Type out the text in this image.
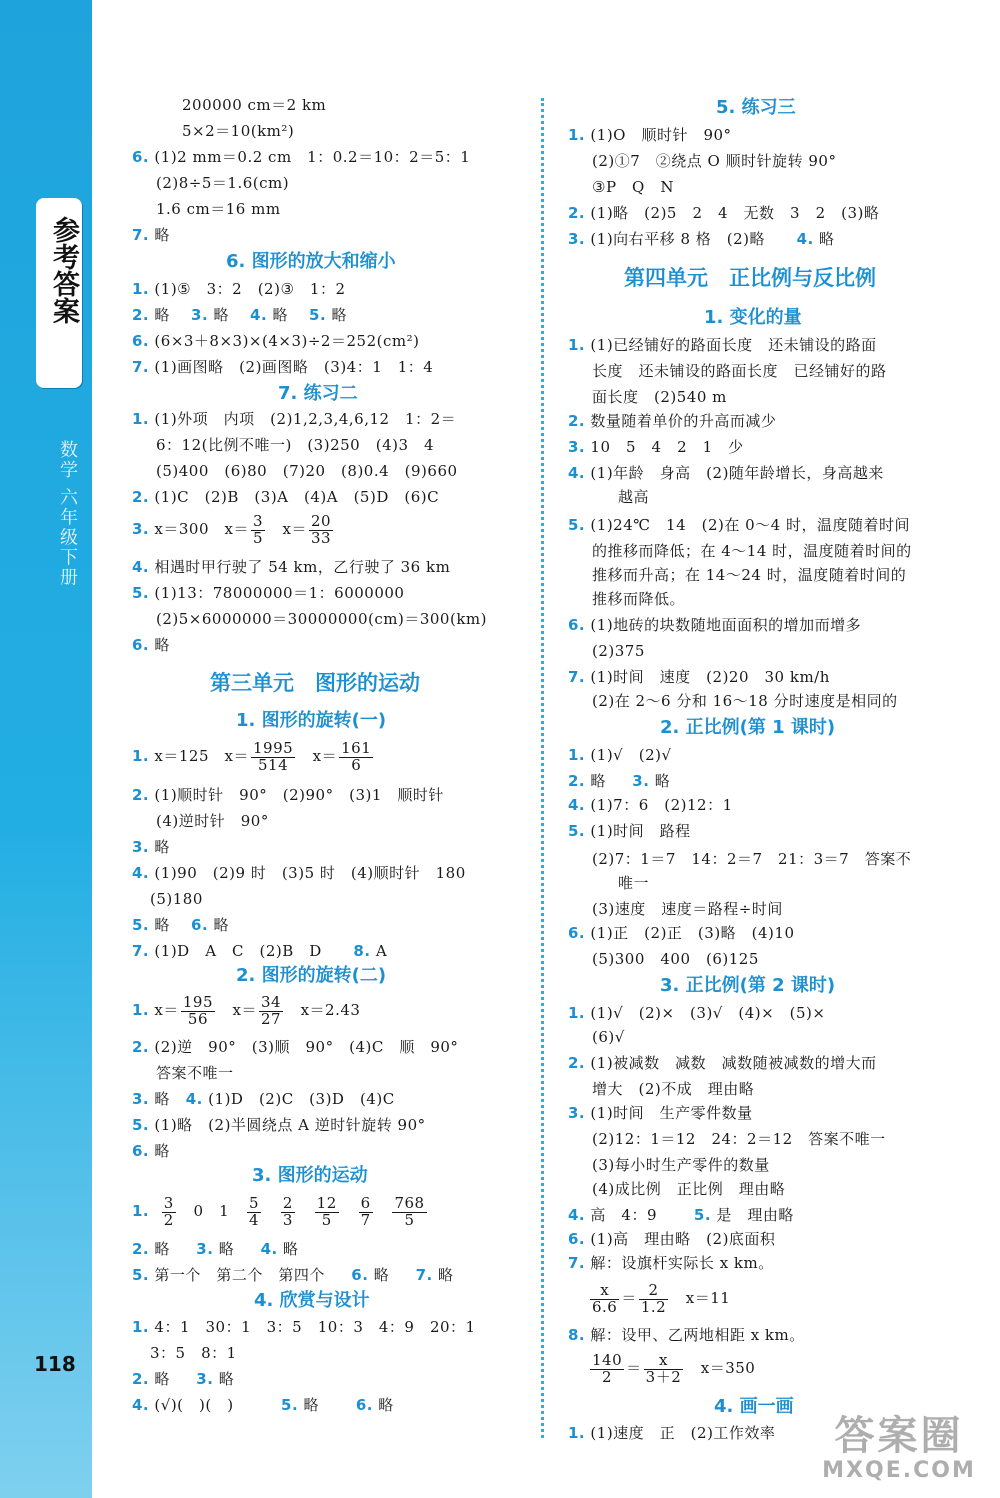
参考答案
数学 六年级下册
118
200000 cm＝2 km
5×2＝10(km²)
6. (1)2 mm＝0.2 cm　1：0.2＝10：2＝5：1
(2)8÷5＝1.6(cm)
1.6 cm＝16 mm
7. 略
6. 图形的放大和缩小
1. (1)⑤　3：2　(2)③　1：2
2. 略 3. 略 4. 略 5. 略
6. (6×3＋8×3)×(4×3)÷2＝252(cm²)
7. (1)画图略　(2)画图略　(3)4：1　1：4
7. 练习二
1. (1)外项　内项　(2)1,2,3,4,6,12　1：2＝
6：12(比例不唯一)　(3)250　(4)3　4
(5)400　(6)80　(7)20　(8)0.4　(9)660
2. (1)C　(2)B　(3)A　(4)A　(5)D　(6)C
3. x＝300　$x= \frac{3}{5}$ 　$x= \frac{20}{33}$
4. 相遇时甲行驶了 54 km，乙行驶了 36 km
5. (1)13：78000000＝1：6000000
(2)5×6000000＝30000000(cm)＝300(km)
6. 略
第三单元　图形的运动
1. 图形的旋转(一)
1. x＝125　$x= \frac{1995}{514}$ 　$x= \frac{161}{6}$
2. (1)顺时针　90°　(2)90°　(3)1　顺时针
(4)逆时针　90°
3. 略
4. (1)90　(2)9 时　(3)5 时　(4)顺时针　180
(5)180
5. 略 6. 略
7. (1)D　A　C　(2)B　D 8. A
2. 图形的旋转(二)
1. $x= \frac{195}{56}$ 　$x= \frac{34}{27}$ 　x＝2.43
2. (2)逆　90°　(3)顺　90°　(4)C　顺　90°
答案不唯一
3. 略 4. (1)D　(2)C　(3)D　(4)C
5. (1)略　(2)半圆绕点 A 逆时针旋转 90°
6. 略
3. 图形的运动
1. $\frac{3}{2} 0$　$1 \frac{5}{4}$
$\frac{2}{3}$
$\frac{12}{5}$
$\frac{6}{7}$
$\frac{768}{5}$
2. 略 3. 略 4. 略
5. 第一个　第二个　第四个 6. 略 7. 略
4. 欣赏与设计
1. 4：1　30：1　3：5　10：3　4：9　20：1
3：5　8：1
2. 略 3. 略
4. (√)(　)(　)	5. 略 6. 略
5. 练习三
1. (1)O　顺时针　90°
(2)①7　②绕点 O 顺时针旋转 90°
③P　Q　N
2. (1)略　(2)5　2　4　无数　3　2　(3)略
3. (1)向右平移 8 格　(2)略 4. 略
第四单元　正比例与反比例
1. 变化的量
1. (1)已经铺好的路面长度　还未铺设的路面
长度　还未铺设的路面长度　已经铺好的路
面长度　(2)540 m
2. 数量随着单价的升高而减少
3. 10　5　4　2　1　少
4. (1)年龄　身高　(2)随年龄增长，身高越来
越高
5. (1)24℃　14　(2)在 0～4 时，温度随着时间
的推移而降低；在 4～14 时，温度随着时间的
推移而升高；在 14～24 时，温度随着时间的
推移而降低。
6. (1)地砖的块数随地面面积的增加而增多
(2)375
7. (1)时间　速度　(2)20　30 km/h
(2)在 2～6 分和 16～18 分时速度是相同的
2. 正比例(第 1 课时)
1. (1)√　(2)√
2. 略 3. 略
4. (1)7：6　(2)12：1
5. (1)时间　路程
(2)7：1＝7　14：2＝7　21：3＝7　答案不
唯一
(3)速度　速度＝路程÷时间
6. (1)正　(2)正　(3)略　(4)10
(5)300　400　(6)125
3. 正比例(第 2 课时)
1. (1)√　(2)×　(3)√　(4)×　(5)×
(6)√
2. (1)被减数　减数　减数随被减数的增大而
增大　(2)不成　理由略
3. (1)时间　生产零件数量
(2)12：1＝12　24：2＝12　答案不唯一
(3)每小时生产零件的数量
(4)成比例　正比例　理由略
4. 高　4：9 5. 是　理由略
6. (1)高　理由略　(2)底面积
7. 解：设旗杆实际长 x km。
$\frac{x}{6.6} = \frac{2}{1.2}$ 　x＝11
8. 解：设甲、乙两地相距 x km。
$\frac{140}{2} = \frac{x}{3+2}$ 　x＝350
4. 画一画
1. (1)速度　正　(2)工作效率	答案圈
MXQE.COM
